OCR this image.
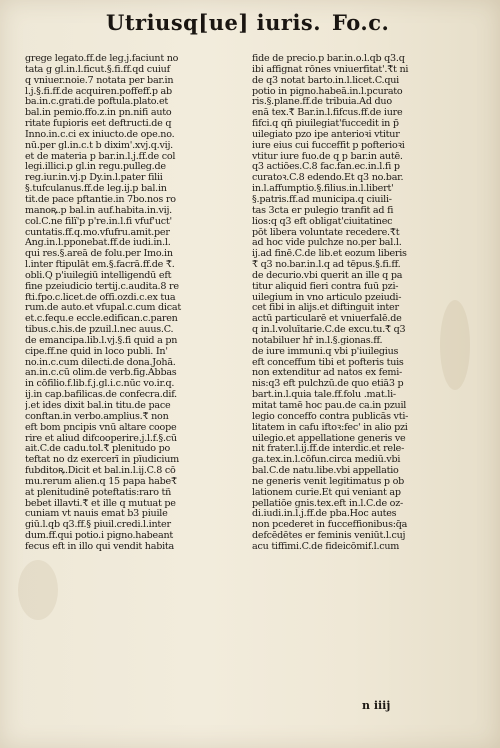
Utriusq[ue] iuris. Fo.c.
grege legato.ff.de leg.j.faciunt no
tata g gl.in.l.ficut.§.fi.ff.qd cuiuf
q vniuer.noie.7 notata per bar.in
l.j.§.fi.ff.de acquiren.poffeff.p ab
ba.in.c.grati.de poftula.plato.et
bal.in pemio.ffo.z.in pn.nifi auto
ritate fupioris eet deftructi.de q
Inno.in.c.ci ex iniucto.de ope.no.
nū.per gl.in.c.t b dixim'.xvj.q.vij.
et de materia p bar.in.l.j.ff.de col
legi.illici.p gl.in regu.pulleg.de
reg.iur.in.vj.p Dy.in.l.pater filii
§.tufculanus.ff.de leg.ij.p bal.in
tit.de pace pftantie.in 7bo.nos ro
manoꝶ.p bal.in auf.habita.in.vij.
col.C.ne filï'p p're.in.l.fi vfuf'uct'
cuntatis.ff.q.mo.vfufru.amit.per
Ang.in.l.pponebat.ff.de iudi.in.l.
qui res.§.areā de folu.per Imo.in
l.inter ftipulāt em.§.facrā.ff.de ₹.
obli.Q p'iuilegiū intelligendū eft
fine pzeiudicio tertij.c.audita.8 re
fti.fpo.c.licet.de offi.ozdi.c.ex tua
rum.de auto.et vfupal.c.cum dicat
et.c.fequ.e eccle.edifican.c.paren
tibus.c.his.de pzuil.l.nec auus.C.
de emancipa.lib.l.vj.§.fi quid a pn
cipe.ff.ne quid in loco publi. In'
no.in.c.cum dilecti.de dona.Johā.
an.in.c.cū olim.de verb.fig.Abbas
in cōfilio.f.lib.f.j.gl.i.c.nūc vo.ir.q.
ij.in cap.bafilicas.de confecra.dif.
j.et ides dixit bal.in titu.de pace
conftan.in verbo.amplius.₹ non
eft bom pncipis vnū altare coope
rire et aliud difcooperire.j.l.f.§.cū
ait.C.de cadu.tol.₹ plenitudo po
teftat no dz exercerī in pīudicium
fubditoꝶ.Dicit et bal.in.l.ij.C.8 cō
mu.rerum alien.q 15 papa habe₹
at plenitudinē poteftatis:raro tñ
bebet illavti.₹ et ille q mutuat pe
cuniam vt nauis emat b3 piuile
giū.l.qb q3.ff.§ piuil.credi.l.inter
dum.ff.qui potio.i pigno.habeant
fecus eft in illo qui vendit habita
fide de precio.p bar.in.o.l.qb q3.q
ibi affignat rōnes vniuerfitat'.₹t ni
de q3 notat barto.in.l.licet.C.qui
potio in pigno.habeā.in.l.pcurato
ris.§.plane.ff.de tribuia.Ad duo
enā tex.₹ Bar.in.l.fifcus.ff.de iure
fifci.q qñ piuilegiat'fuccedit in p̄
uilegiato pzo ipe anterioꝛi vtitur
iure eius cui fucceffit p pofterioꝛi
vtitur iure fuo.de q p bar.in autē.
q3 actiōes.C.8 fac.fan.ec.in.l.fi p
curatoꝛ.C.8 edendo.Et q3 no.bar.
in.l.affumptio.§.filius.in.l.libert'
§.patris.ff.ad municipa.q ciuili-
tas 3cta er pulegio tranfit ad fi
lios:q q3 eft obligat'ciuitatinec
pōt libera voluntate recedere.₹t
ad hoc vide pulchze no.per bal.l.
ij.ad finē.C.de lib.et eozum liberis
₹ q3 no.bar.in.l.q ad tēpus.§.fi.ff.
de decurio.vbi querit an ille q pa
titur aliquid fieri contra fuū pzi-
uilegium in vno articulo pzeiudi-
cet fibi in alijs.et diftinguit inter
actū particularē et vniuerfalē.de
q in.l.voluītarie.C.de excu.tu.₹ q3
notabiluer hř in.l.§.gionas.ff.
de iure immuni.q vbi p'iuilegius
eft conceffum tibi et pofteris tuis
non extenditur ad natos ex femi-
nis:q3 eft pulchzū.de quo etiā3 p
bart.in.l.quia tale.ff.folu .mat.li-
mitat tamē hoc pau.de ca.in pzuil
legio conceffo contra publicās vti-
litatem in cafu iftoꝛ:fec' in alio pzi
uilegio.et appellatione generis ve
nit frater.l.ij.ff.de interdic.et rele-
ga.tex.in.l.cōfun.circa mediū.vbi
bal.C.de natu.libe.vbi appellatio
ne generis venit legitimatus p ob
lationem curie.Et qui veniant ap
pellatiōe gnis.tex.eft in.l.C.de oz-
di.iudi.in.l.j.ff.de pba.Hoc autes
non pcederet in fucceffionibus:q̄a
defcēdētes er feminis veniūt.l.cuj
acu tiffimi.C.de fideicōmif.l.cum
n iiij
